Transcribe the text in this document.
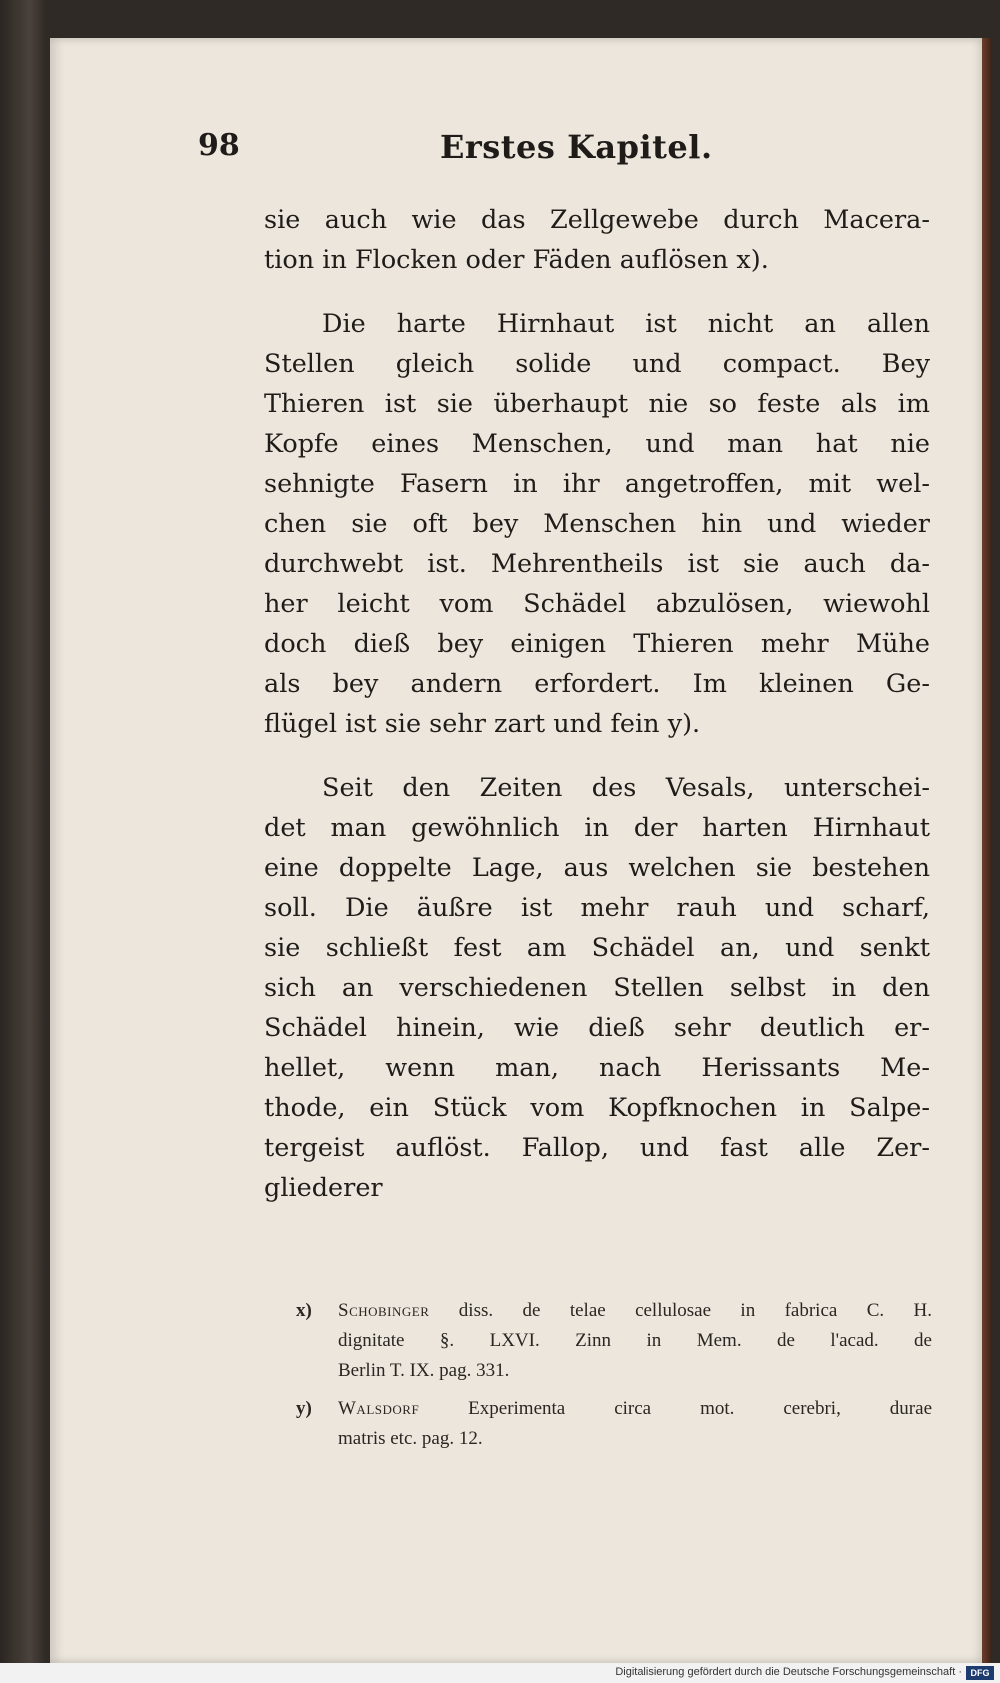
98	Erstes Kapitel.
sie auch wie das Zellgewebe durch Macera-
tion in Flocken oder Fäden auflösen x).
Die harte Hirnhaut ist nicht an allen
Stellen gleich solide und compact. Bey
Thieren ist sie überhaupt nie so feste als im
Kopfe eines Menschen, und man hat nie
sehnigte Fasern in ihr angetroffen, mit wel-
chen sie oft bey Menschen hin und wieder
durchwebt ist. Mehrentheils ist sie auch da-
her leicht vom Schädel abzulösen, wiewohl
doch dieß bey einigen Thieren mehr Mühe
als bey andern erfordert. Im kleinen Ge-
flügel ist sie sehr zart und fein y).
Seit den Zeiten des Vesals, unterschei-
det man gewöhnlich in der harten Hirnhaut
eine doppelte Lage, aus welchen sie bestehen
soll. Die äußre ist mehr rauh und scharf,
sie schließt fest am Schädel an, und senkt
sich an verschiedenen Stellen selbst in den
Schädel hinein, wie dieß sehr deutlich er-
hellet, wenn man, nach Herissants Me-
thode, ein Stück vom Kopfknochen in Salpe-
tergeist auflöst. Fallop, und fast alle Zer-
gliederer
x) Schobinger diss. de telae cellulosae in fabrica C. H.
dignitate §. LXVI. Zinn in Mem. de l'acad. de
Berlin T. IX. pag. 331.
y) Walsdorf	Experimenta circa mot. cerebri, durae
matris etc. pag. 12.
Digitalisierung gefördert durch die Deutsche Forschungsgemeinschaft · DFG
